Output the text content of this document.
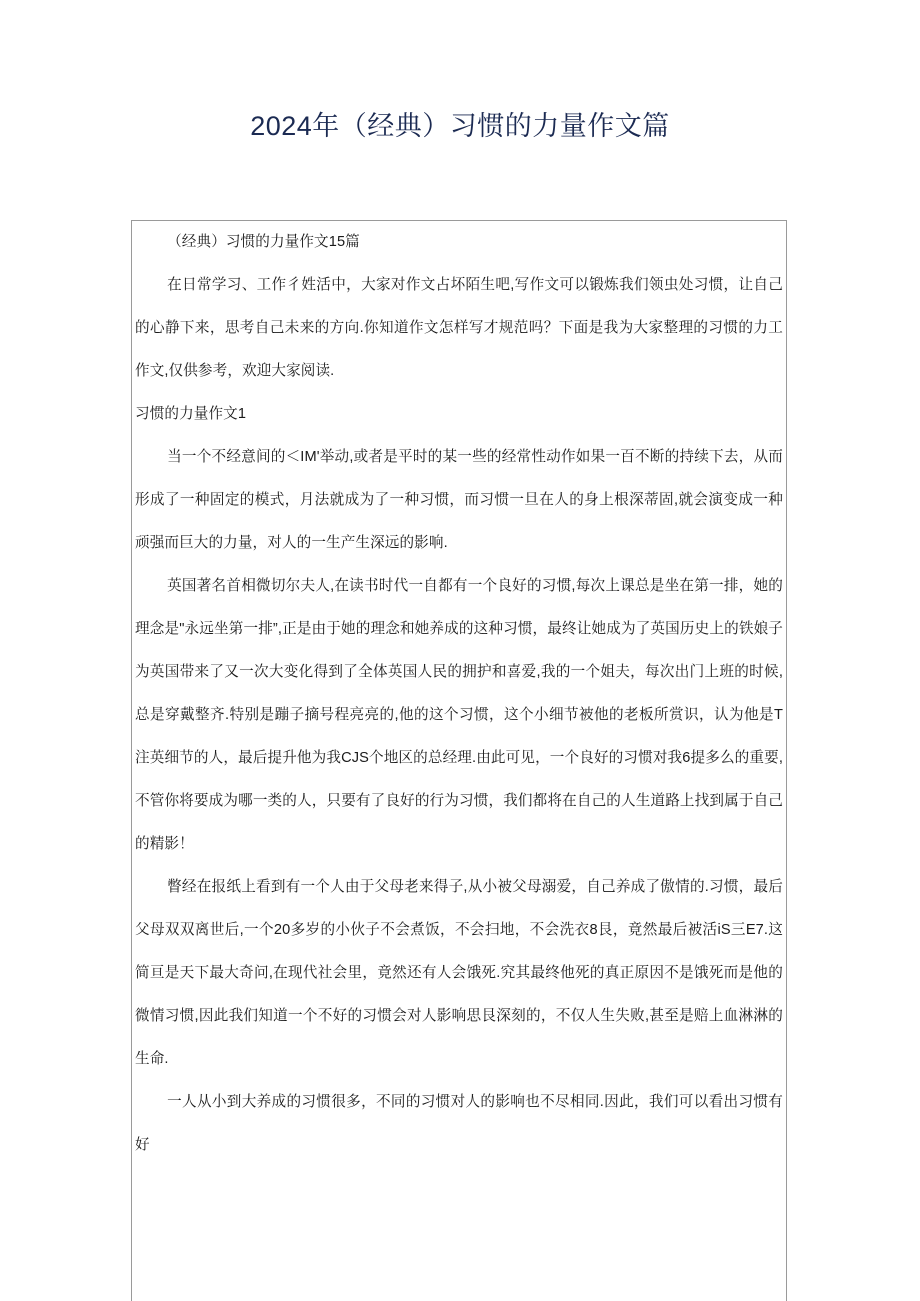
2024年（经典）习惯的力量作文篇

（经典）习惯的力量作文15篇

在日常学习、工作彳姓活中，大家对作文占坏陌生吧,写作文可以锻炼我们领虫处习惯，让自己的心静下来，思考自己未来的方向.你知道作文怎样写才规范吗？下面是我为大家整理的习惯的力工作文,仅供参考，欢迎大家阅读.

习惯的力量作文1

当一个不经意间的＜IM'举动,或者是平时的某一些的经常性动作如果一百不断的持续下去，从而形成了一种固定的模式，月法就成为了一种习惯，而习惯一旦在人的身上根深蒂固,就会演变成一种顽强而巨大的力量，对人的一生产生深远的影响.

英国著名首相微切尔夫人,在读书时代一自都有一个良好的习惯,每次上课总是坐在第一排，她的理念是"永远坐第一排”,正是由于她的理念和她养成的这种习惯，最终让她成为了英国历史上的铁娘子为英国带来了又一次大变化得到了全体英国人民的拥护和喜爱,我的一个姐夫，每次出门上班的时候,总是穿戴整齐.特别是蹦子摘号程亮亮的,他的这个习惯，这个小细节被他的老板所赏识，认为他是T注英细节的人，最后提升他为我CJS个地区的总经理.由此可见，一个良好的习惯对我6提多么的重要,不管你将要成为哪一类的人，只要有了良好的行为习惯，我们都将在自己的人生道路上找到属于自己的精影！

瞥经在报纸上看到有一个人由于父母老来得子,从小被父母溺爱，自己养成了傲情的.习惯，最后父母双双离世后,一个20多岁的小伙子不会煮饭，不会扫地，不会洗衣8艮，竟然最后被活iS三E7.这简亘是天下最大奇问,在现代社会里，竟然还有人会饿死.究其最终他死的真正原因不是饿死而是他的微情习惯,因此我们知道一个不好的习惯会对人影响思艮深刻的，不仅人生失败,甚至是赔上血淋淋的生命.

一人从小到大养成的习惯很多，不同的习惯对人的影响也不尽相同.因此，我们可以看出习惯有好
